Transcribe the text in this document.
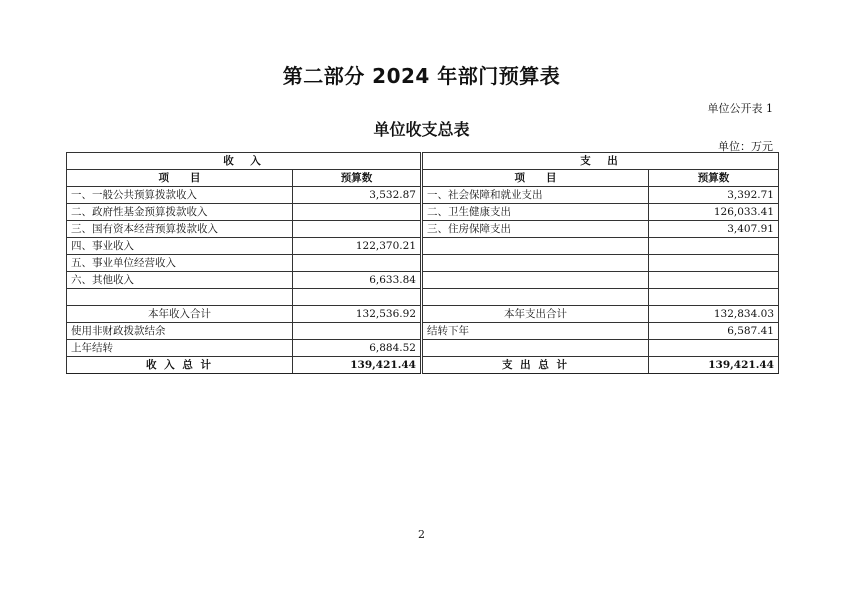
第二部分 2024 年部门预算表
单位公开表 1
单位收支总表
单位：万元
收　入			支　出	
项　　目	预算数		项　　目	预算数
一、一般公共预算拨款收入	3,532.87		一、社会保障和就业支出	3,392.71
二、政府性基金预算拨款收入			二、卫生健康支出	126,033.41
三、国有资本经营预算拨款收入			三、住房保障支出	3,407.91
四、事业收入	122,370.21			
五、事业单位经营收入				
六、其他收入	6,633.84			

本年收入合计	132,536.92		本年支出合计	132,834.03
使用非财政拨款结余			结转下年	6,587.41
上年结转	6,884.52			
收 入 总 计	139,421.44		支 出 总 计	139,421.44
2
